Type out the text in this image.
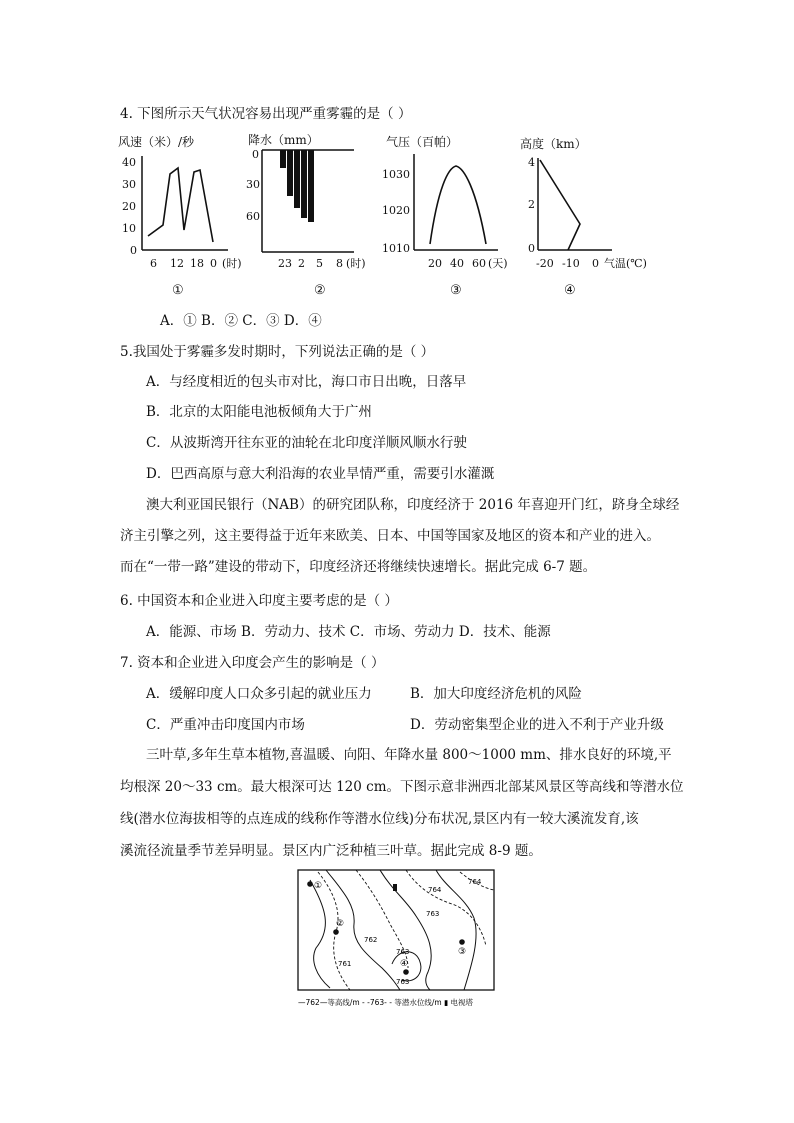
4. 下图所示天气状况容易出现严重雾霾的是（ ）
风速（米）/秒
40
30
20
10
0
6 12 18 0 (时)
①
降水（mm）
0
30
60
23 2 5 8 (时)
②
气压（百帕）
1030
1020
1010
20 40 60 (天)
③
高度（km）
4
2
0
-20 -10 0 气温(℃)
④
A．① B．② C．③ D．④
5.我国处于雾霾多发时期时，下列说法正确的是（ ）
A．与经度相近的包头市对比，海口市日出晚，日落早
B．北京的太阳能电池板倾角大于广州
C．从波斯湾开往东亚的油轮在北印度洋顺风顺水行驶
D．巴西高原与意大利沿海的农业旱情严重，需要引水灌溉
澳大利亚国民银行（NAB）的研究团队称，印度经济于 2016 年喜迎开门红，跻身全球经
济主引擎之列，这主要得益于近年来欧美、日本、中国等国家及地区的资本和产业的进入。
而在“一带一路”建设的带动下，印度经济还将继续快速增长。据此完成 6-7 题。
6. 中国资本和企业进入印度主要考虑的是（ ）
A．能源、市场 B．劳动力、技术 C．市场、劳动力 D．技术、能源
7. 资本和企业进入印度会产生的影响是（ ）
A．缓解印度人口众多引起的就业压力	B．加大印度经济危机的风险
C．严重冲击印度国内市场	D．劳动密集型企业的进入不利于产业升级
三叶草,多年生草本植物,喜温暖、向阳、年降水量 800～1000 mm、排水良好的环境,平
均根深 20～33 cm。最大根深可达 120 cm。下图示意非洲西北部某风景区等高线和等潜水位
线(潜水位海拔相等的点连成的线称作等潜水位线)分布状况,景区内有一较大溪流发育,该
溪流径流量季节差异明显。景区内广泛种植三叶草。据此完成 8-9 题。
①
②
③
④
764
764
763
762
761
763
763
—762—等高线/m - -763- - 等潜水位线/m ▮ 电视塔
